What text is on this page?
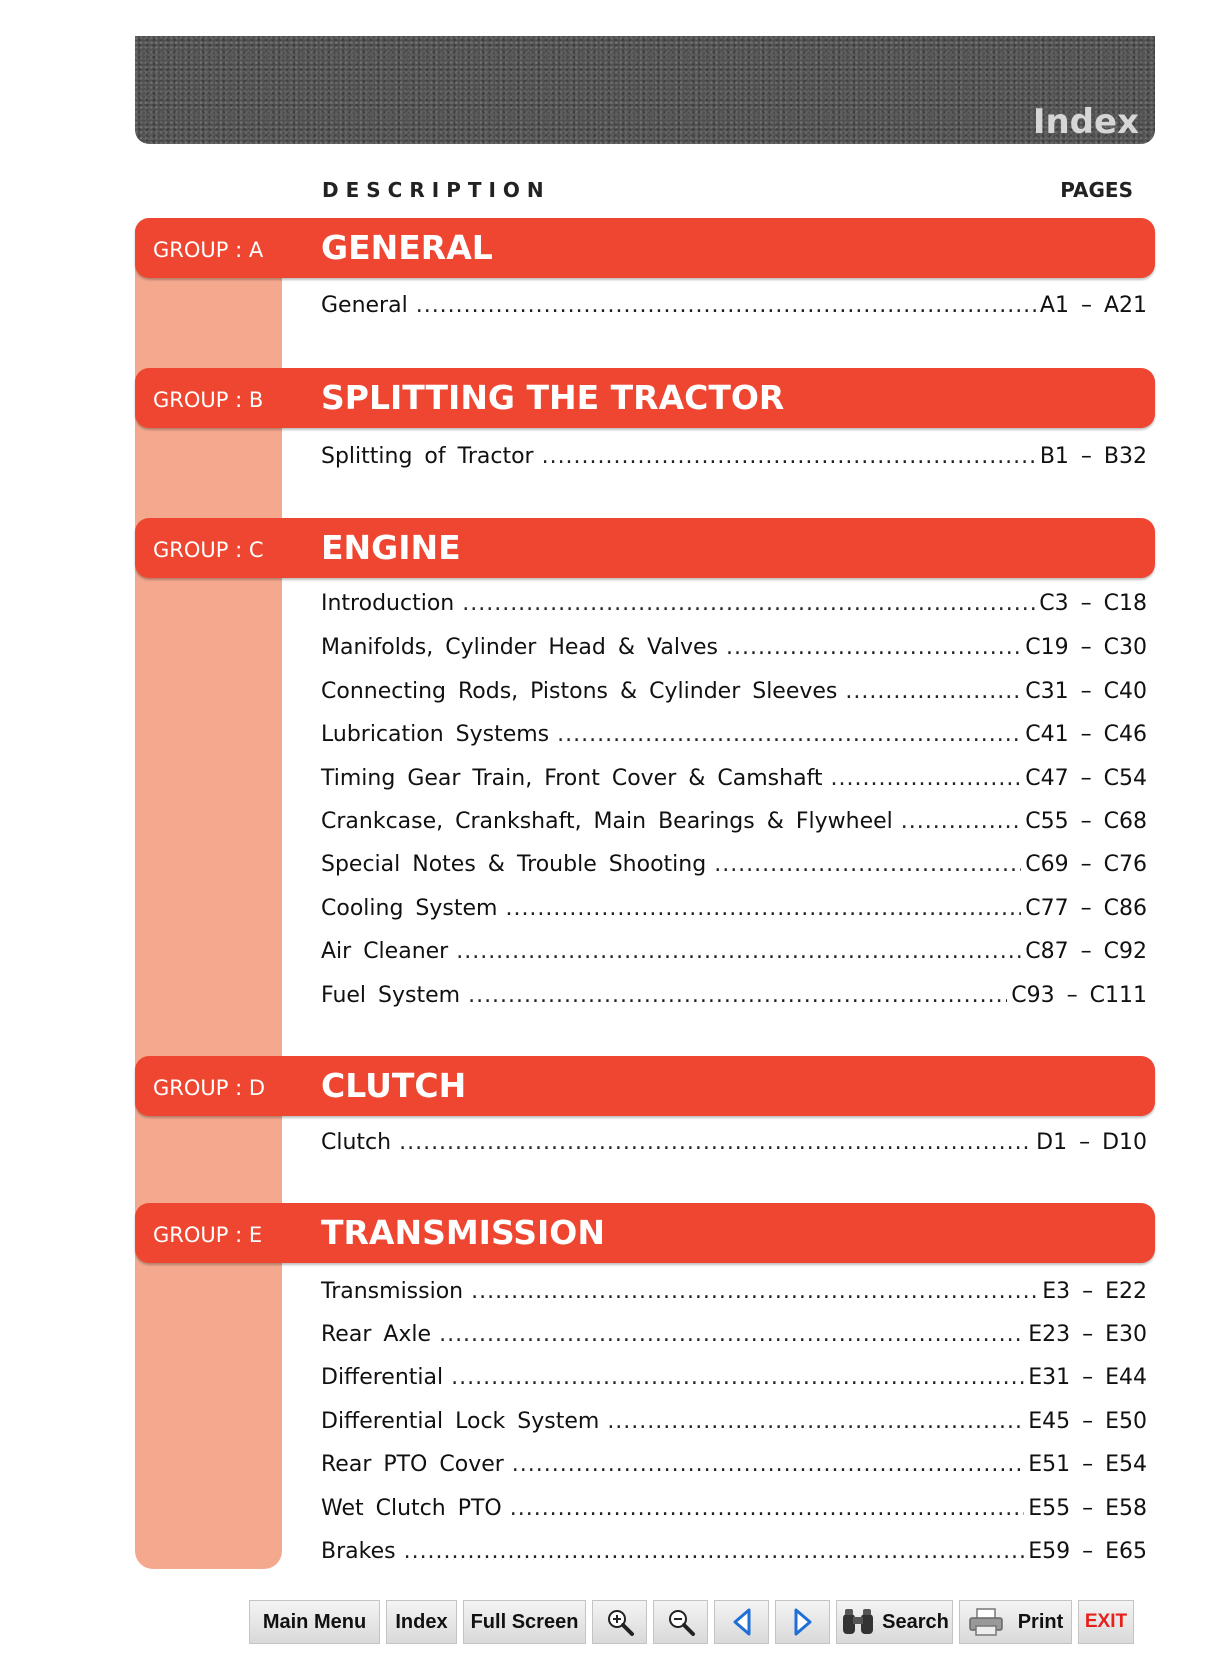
Index
DESCRIPTION	PAGES
GROUP : A GENERAL
General .....	A1 – A21
GROUP : B SPLITTING THE TRACTOR
Splitting of Tractor .....	B1 – B32
GROUP : C ENGINE
Introduction .....	C3 – C18
Manifolds, Cylinder Head & Valves .....	C19 – C30
Connecting Rods, Pistons & Cylinder Sleeves .....	C31 – C40
Lubrication Systems .....	C41 – C46
Timing Gear Train, Front Cover & Camshaft .....	C47 – C54
Crankcase, Crankshaft, Main Bearings & Flywheel .....	C55 – C68
Special Notes & Trouble Shooting .....	C69 – C76
Cooling System .....	C77 – C86
Air Cleaner .....	C87 – C92
Fuel System .....	C93 – C111
GROUP : D CLUTCH
Clutch .....	D1 – D10
GROUP : E TRANSMISSION
Transmission .....	E3 – E22
Rear Axle .....	E23 – E30
Differential .....	E31 – E44
Differential Lock System .....	E45 – E50
Rear PTO Cover .....	E51 – E54
Wet Clutch PTO .....	E55 – E58
Brakes .....	E59 – E65
Main Menu	Index	Full Screen	Search	Print	EXIT
